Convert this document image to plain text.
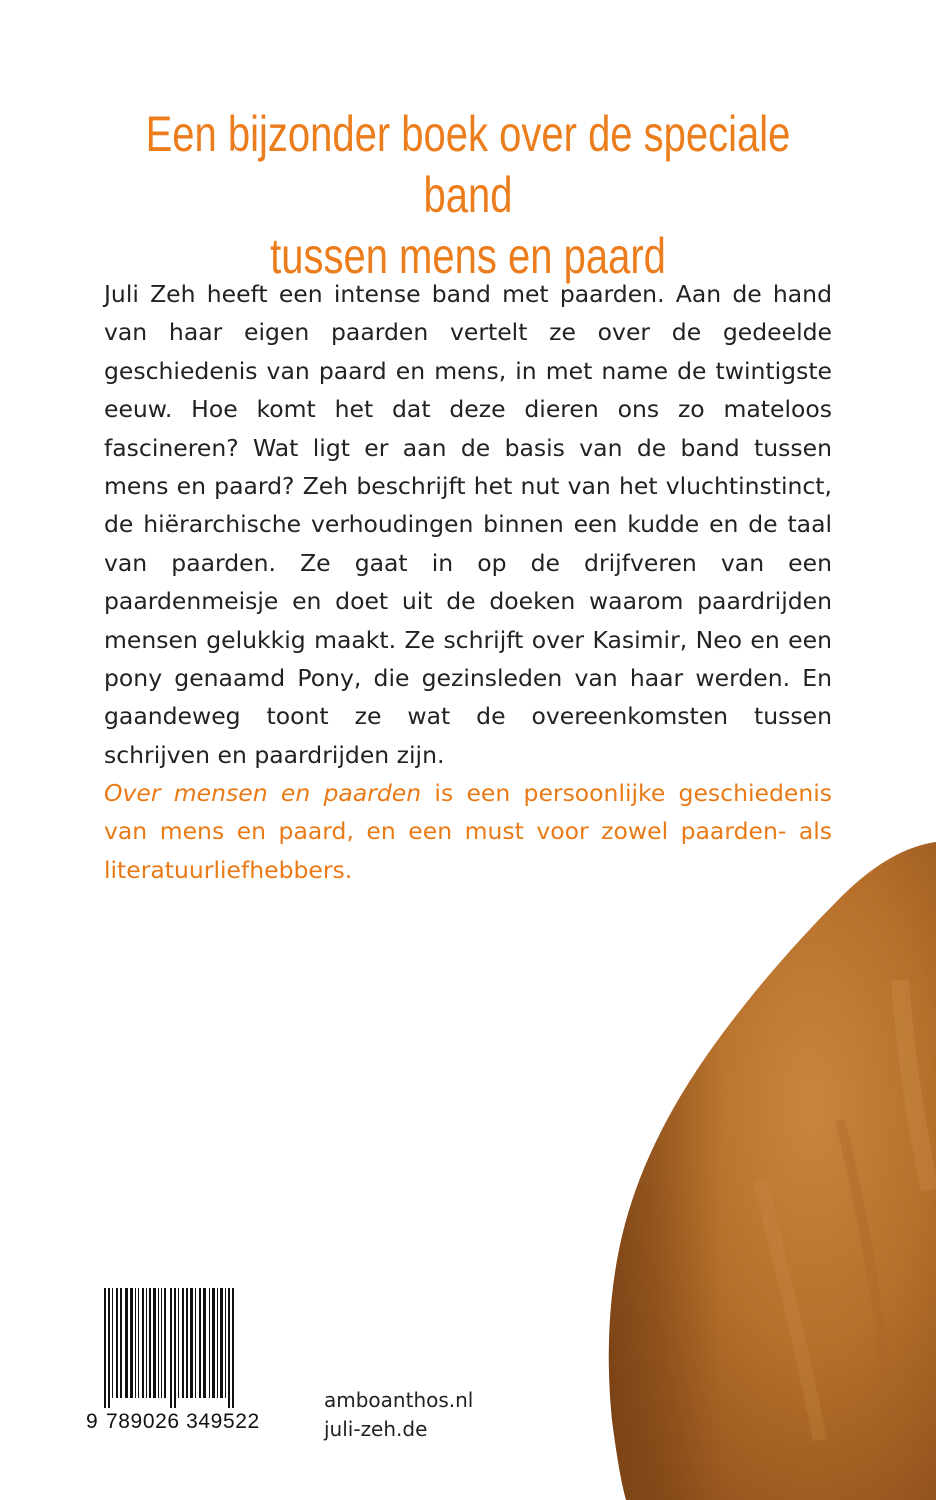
Een bijzonder boek over de speciale band
tussen mens en paard

Juli Zeh heeft een intense band met paarden. Aan de hand van haar eigen paarden vertelt ze over de gedeelde geschiedenis van paard en mens, in met name de twintigste eeuw. Hoe komt het dat deze dieren ons zo mateloos fascineren? Wat ligt er aan de basis van de band tussen mens en paard? Zeh beschrijft het nut van het vluchtinstinct, de hiërarchische verhoudingen binnen een kudde en de taal van paarden. Ze gaat in op de drijfveren van een paardenmeisje en doet uit de doeken waarom paardrijden mensen gelukkig maakt. Ze schrijft over Kasimir, Neo en een pony genaamd Pony, die gezinsleden van haar werden. En gaandeweg toont ze wat de overeenkomsten tussen schrijven en paardrijden zijn.

Over mensen en paarden is een persoonlijke geschiedenis van mens en paard, en een must voor zowel paarden- als literatuurliefhebbers.

9 789026 349522
amboanthos.nl
juli-zeh.de
